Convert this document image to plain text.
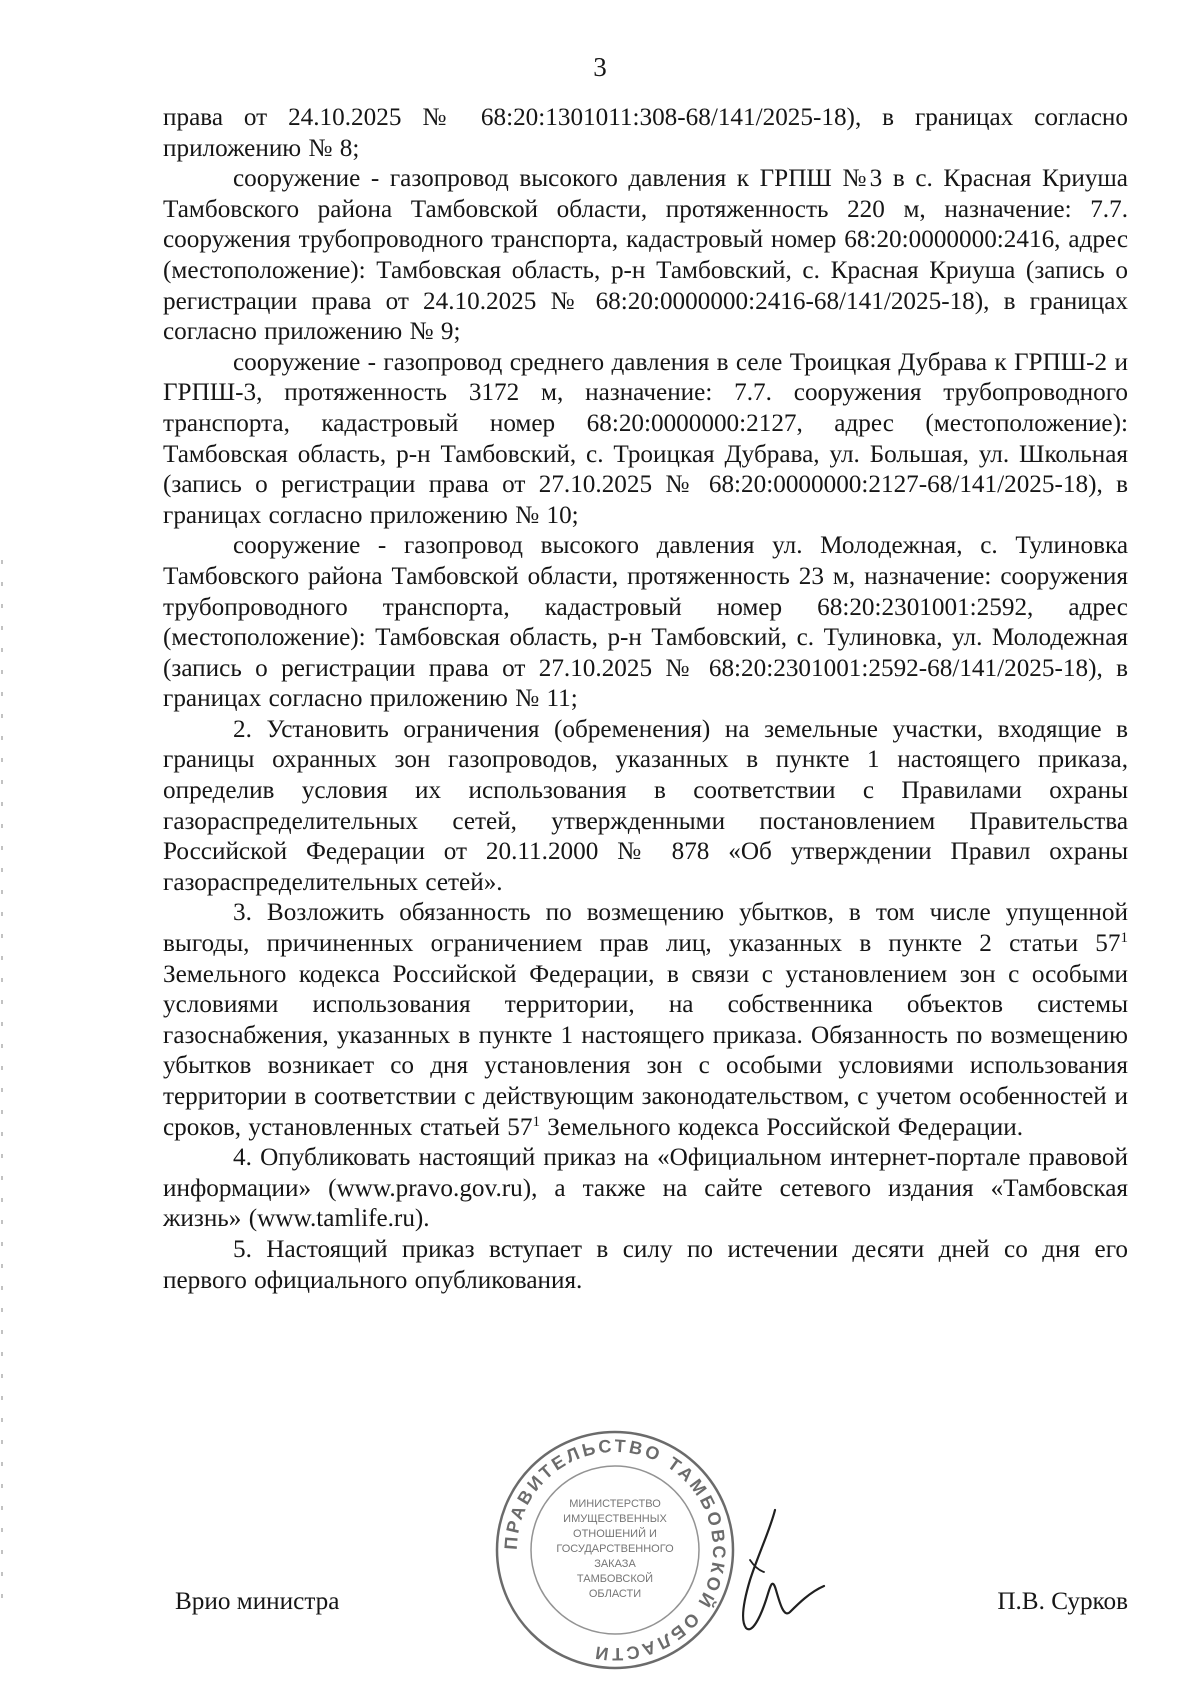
3

права от 24.10.2025 № 68:20:1301011:308-68/141/2025-18), в границах согласно приложению № 8;

сооружение - газопровод высокого давления к ГРПШ №3 в с. Красная Криуша Тамбовского района Тамбовской области, протяженность 220 м, назначение: 7.7. сооружения трубопроводного транспорта, кадастровый номер 68:20:0000000:2416, адрес (местоположение): Тамбовская область, р-н Тамбовский, с. Красная Криуша (запись о регистрации права от 24.10.2025 № 68:20:0000000:2416-68/141/2025-18), в границах согласно приложению № 9;

сооружение - газопровод среднего давления в селе Троицкая Дубрава к ГРПШ-2 и ГРПШ-3, протяженность 3172 м, назначение: 7.7. сооружения трубопроводного транспорта, кадастровый номер 68:20:0000000:2127, адрес (местоположение): Тамбовская область, р-н Тамбовский, с. Троицкая Дубрава, ул. Большая, ул. Школьная (запись о регистрации права от 27.10.2025 № 68:20:0000000:2127-68/141/2025-18), в границах согласно приложению № 10;

сооружение - газопровод высокого давления ул. Молодежная, с. Тулиновка Тамбовского района Тамбовской области, протяженность 23 м, назначение: сооружения трубопроводного транспорта, кадастровый номер 68:20:2301001:2592, адрес (местоположение): Тамбовская область, р-н Тамбовский, с. Тулиновка, ул. Молодежная (запись о регистрации права от 27.10.2025 № 68:20:2301001:2592-68/141/2025-18), в границах согласно приложению № 11;

2. Установить ограничения (обременения) на земельные участки, входящие в границы охранных зон газопроводов, указанных в пункте 1 настоящего приказа, определив условия их использования в соответствии с Правилами охраны газораспределительных сетей, утвержденными постановлением Правительства Российской Федерации от 20.11.2000 № 878 «Об утверждении Правил охраны газораспределительных сетей».

3. Возложить обязанность по возмещению убытков, в том числе упущенной выгоды, причиненных ограничением прав лиц, указанных в пункте 2 статьи $57^1$ Земельного кодекса Российской Федерации, в связи с установлением зон с особыми условиями использования территории, на собственника объектов системы газоснабжения, указанных в пункте 1 настоящего приказа. Обязанность по возмещению убытков возникает со дня установления зон с особыми условиями использования территории в соответствии с действующим законодательством, с учетом особенностей и сроков, установленных статьей $57^1$ Земельного кодекса Российской Федерации.

4. Опубликовать настоящий приказ на «Официальном интернет-портале правовой информации» (www.pravo.gov.ru), а также на сайте сетевого издания «Тамбовская жизнь» (www.tamlife.ru).

5. Настоящий приказ вступает в силу по истечении десяти дней со дня его первого официального опубликования.

Врио министра	П.В. Сурков
ПРАВИТЕЛЬСТВО ТАМБОВСКОЙ ОБЛАСТИ
МИНИСТЕРСТВО
ИМУЩЕСТВЕННЫХ
ОТНОШЕНИЙ И
ГОСУДАРСТВЕННОГО
ЗАКАЗА
ТАМБОВСКОЙ
ОБЛАСТИ
